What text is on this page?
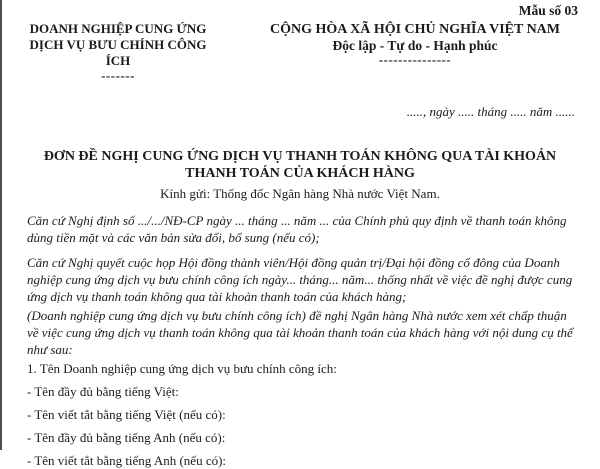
Mẫu số 03
DOANH NGHIỆP CUNG ỨNG DỊCH VỤ BƯU CHÍNH CÔNG ÍCH
-------
CỘNG HÒA XÃ HỘI CHỦ NGHĨA VIỆT NAM
Độc lập - Tự do - Hạnh phúc
---------------
....., ngày ..... tháng ..... năm ......
ĐƠN ĐỀ NGHỊ CUNG ỨNG DỊCH VỤ THANH TOÁN KHÔNG QUA TÀI KHOẢN THANH TOÁN CỦA KHÁCH HÀNG
Kính gửi: Thống đốc Ngân hàng Nhà nước Việt Nam.
Căn cứ Nghị định số .../.../NĐ-CP ngày ... tháng ... năm ... của Chính phủ quy định về thanh toán không dùng tiền mặt và các văn bản sửa đổi, bổ sung (nếu có);
Căn cứ Nghị quyết cuộc họp Hội đồng thành viên/Hội đồng quản trị/Đại hội đồng cổ đông của Doanh nghiệp cung ứng dịch vụ bưu chính công ích ngày... tháng... năm... thống nhất về việc đề nghị được cung ứng dịch vụ thanh toán không qua tài khoản thanh toán của khách hàng;
(Doanh nghiệp cung ứng dịch vụ bưu chính công ích) đề nghị Ngân hàng Nhà nước xem xét chấp thuận về việc cung ứng dịch vụ thanh toán không qua tài khoản thanh toán của khách hàng với nội dung cụ thể như sau:
1. Tên Doanh nghiệp cung ứng dịch vụ bưu chính công ích:
- Tên đầy đủ bằng tiếng Việt:
- Tên viết tắt bằng tiếng Việt (nếu có):
- Tên đầy đủ bằng tiếng Anh (nếu có):
- Tên viết tắt bằng tiếng Anh (nếu có):
